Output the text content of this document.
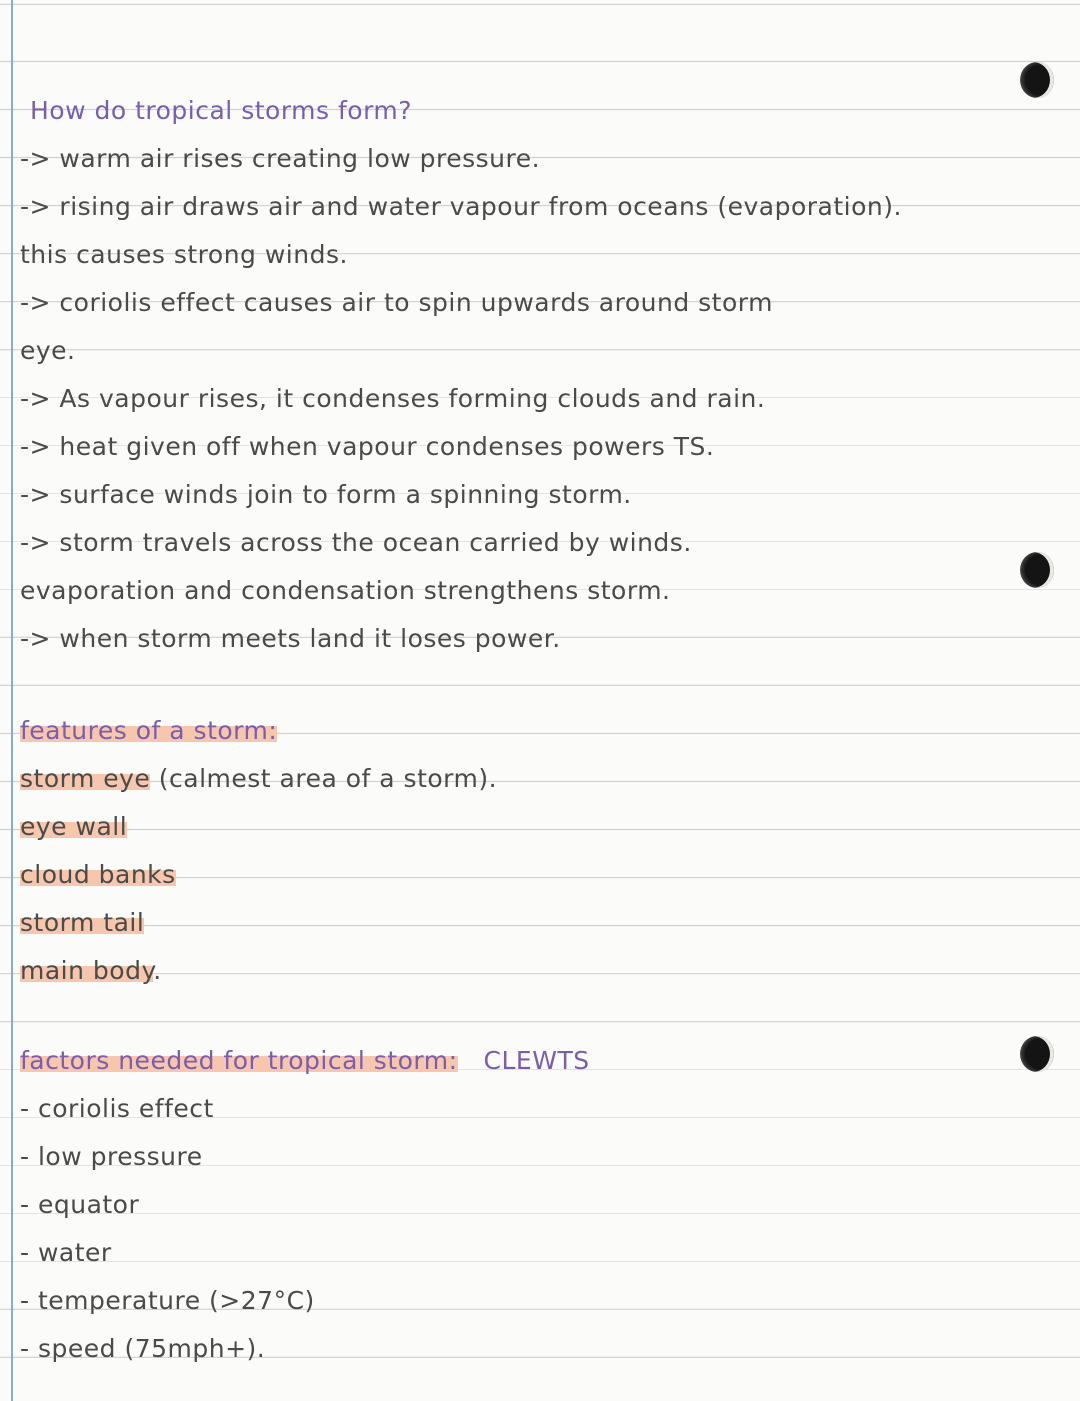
How do tropical storms form?
-> warm air rises creating low pressure.
-> rising air draws air and water vapour from oceans (evaporation).
this causes strong winds.
-> coriolis effect causes air to spin upwards around storm
eye.
-> As vapour rises, it condenses forming clouds and rain.
-> heat given off when vapour condenses powers TS.
-> surface winds join to form a spinning storm.
-> storm travels across the ocean carried by winds.
evaporation and condensation strengthens storm.
-> when storm meets land it loses power.
features of a storm:
storm eye (calmest area of a storm).
eye wall
cloud banks
storm tail
main body.
factors needed for tropical storm: CLEWTS
- coriolis effect
- low pressure
- equator
- water
- temperature (>27°C)
- speed (75mph+).
